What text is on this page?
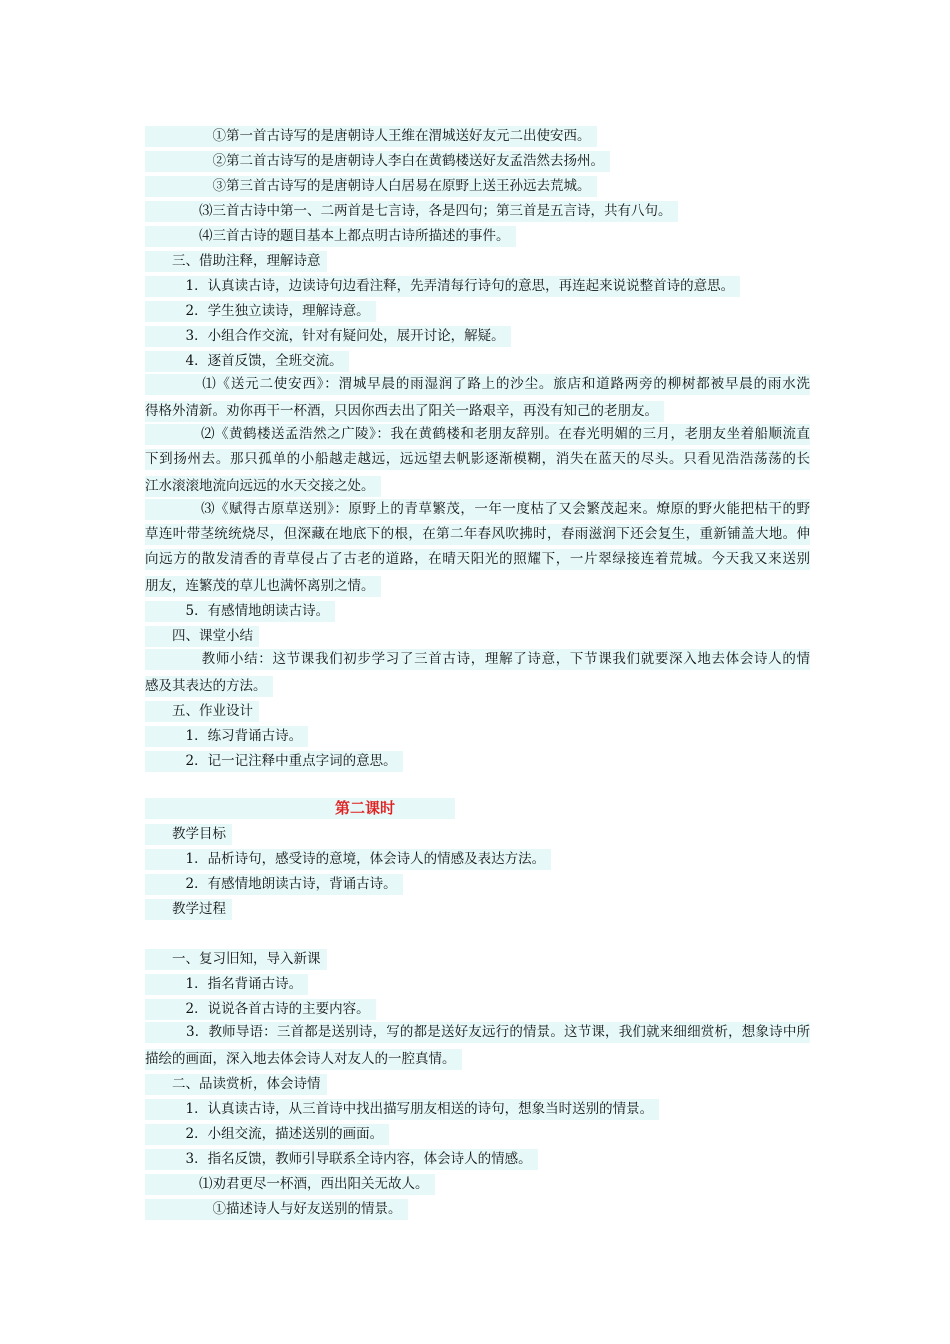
　　　　　①第一首古诗写的是唐朝诗人王维在渭城送好友元二出使安西。
　　　　　②第二首古诗写的是唐朝诗人李白在黄鹤楼送好友孟浩然去扬州。
　　　　　③第三首古诗写的是唐朝诗人白居易在原野上送王孙远去荒城。
　　　　⑶三首古诗中第一、二两首是七言诗，各是四句；第三首是五言诗，共有八句。
　　　　⑷三首古诗的题目基本上都点明古诗所描述的事件。
　　三、借助注释，理解诗意
　　　1．认真读古诗，边读诗句边看注释，先弄清每行诗句的意思，再连起来说说整首诗的意思。
　　　2．学生独立读诗，理解诗意。
　　　3．小组合作交流，针对有疑问处，展开讨论，解疑。
　　　4．逐首反馈，全班交流。
　　　　⑴《送元二使安西》：渭城早晨的雨湿润了路上的沙尘。旅店和道路两旁的柳树都被早晨的雨水洗
得格外清新。劝你再干一杯酒，只因你西去出了阳关一路艰辛，再没有知己的老朋友。
　　　　⑵《黄鹤楼送孟浩然之广陵》：我在黄鹤楼和老朋友辞别。在春光明媚的三月，老朋友坐着船顺流直
下到扬州去。那只孤单的小船越走越远，远远望去帆影逐渐模糊，消失在蓝天的尽头。只看见浩浩荡荡的长
江水滚滚地流向远远的水天交接之处。
　　　　⑶《赋得古原草送别》：原野上的青草繁茂，一年一度枯了又会繁茂起来。燎原的野火能把枯干的野
草连叶带茎统统烧尽，但深藏在地底下的根，在第二年春风吹拂时，春雨滋润下还会复生，重新铺盖大地。伸
向远方的散发清香的青草侵占了古老的道路，在晴天阳光的照耀下，一片翠绿接连着荒城。今天我又来送别
朋友，连繁茂的草儿也满怀离别之情。
　　　5．有感情地朗读古诗。
　　四、课堂小结
　　　　教师小结：这节课我们初步学习了三首古诗，理解了诗意，下节课我们就要深入地去体会诗人的情
感及其表达的方法。
　　五、作业设计
　　　1．练习背诵古诗。
　　　2．记一记注释中重点字词的意思。
第二课时
　　教学目标
　　　1．品析诗句，感受诗的意境，体会诗人的情感及表达方法。
　　　2．有感情地朗读古诗，背诵古诗。
　　教学过程
　　一、复习旧知，导入新课
　　　1．指名背诵古诗。
　　　2．说说各首古诗的主要内容。
　　　3．教师导语：三首都是送别诗，写的都是送好友远行的情景。这节课，我们就来细细赏析，想象诗中所
描绘的画面，深入地去体会诗人对友人的一腔真情。
　　二、品读赏析，体会诗情
　　　1．认真读古诗，从三首诗中找出描写朋友相送的诗句，想象当时送别的情景。
　　　2．小组交流，描述送别的画面。
　　　3．指名反馈，教师引导联系全诗内容，体会诗人的情感。
　　　　⑴劝君更尽一杯酒，西出阳关无故人。
　　　　　①描述诗人与好友送别的情景。
